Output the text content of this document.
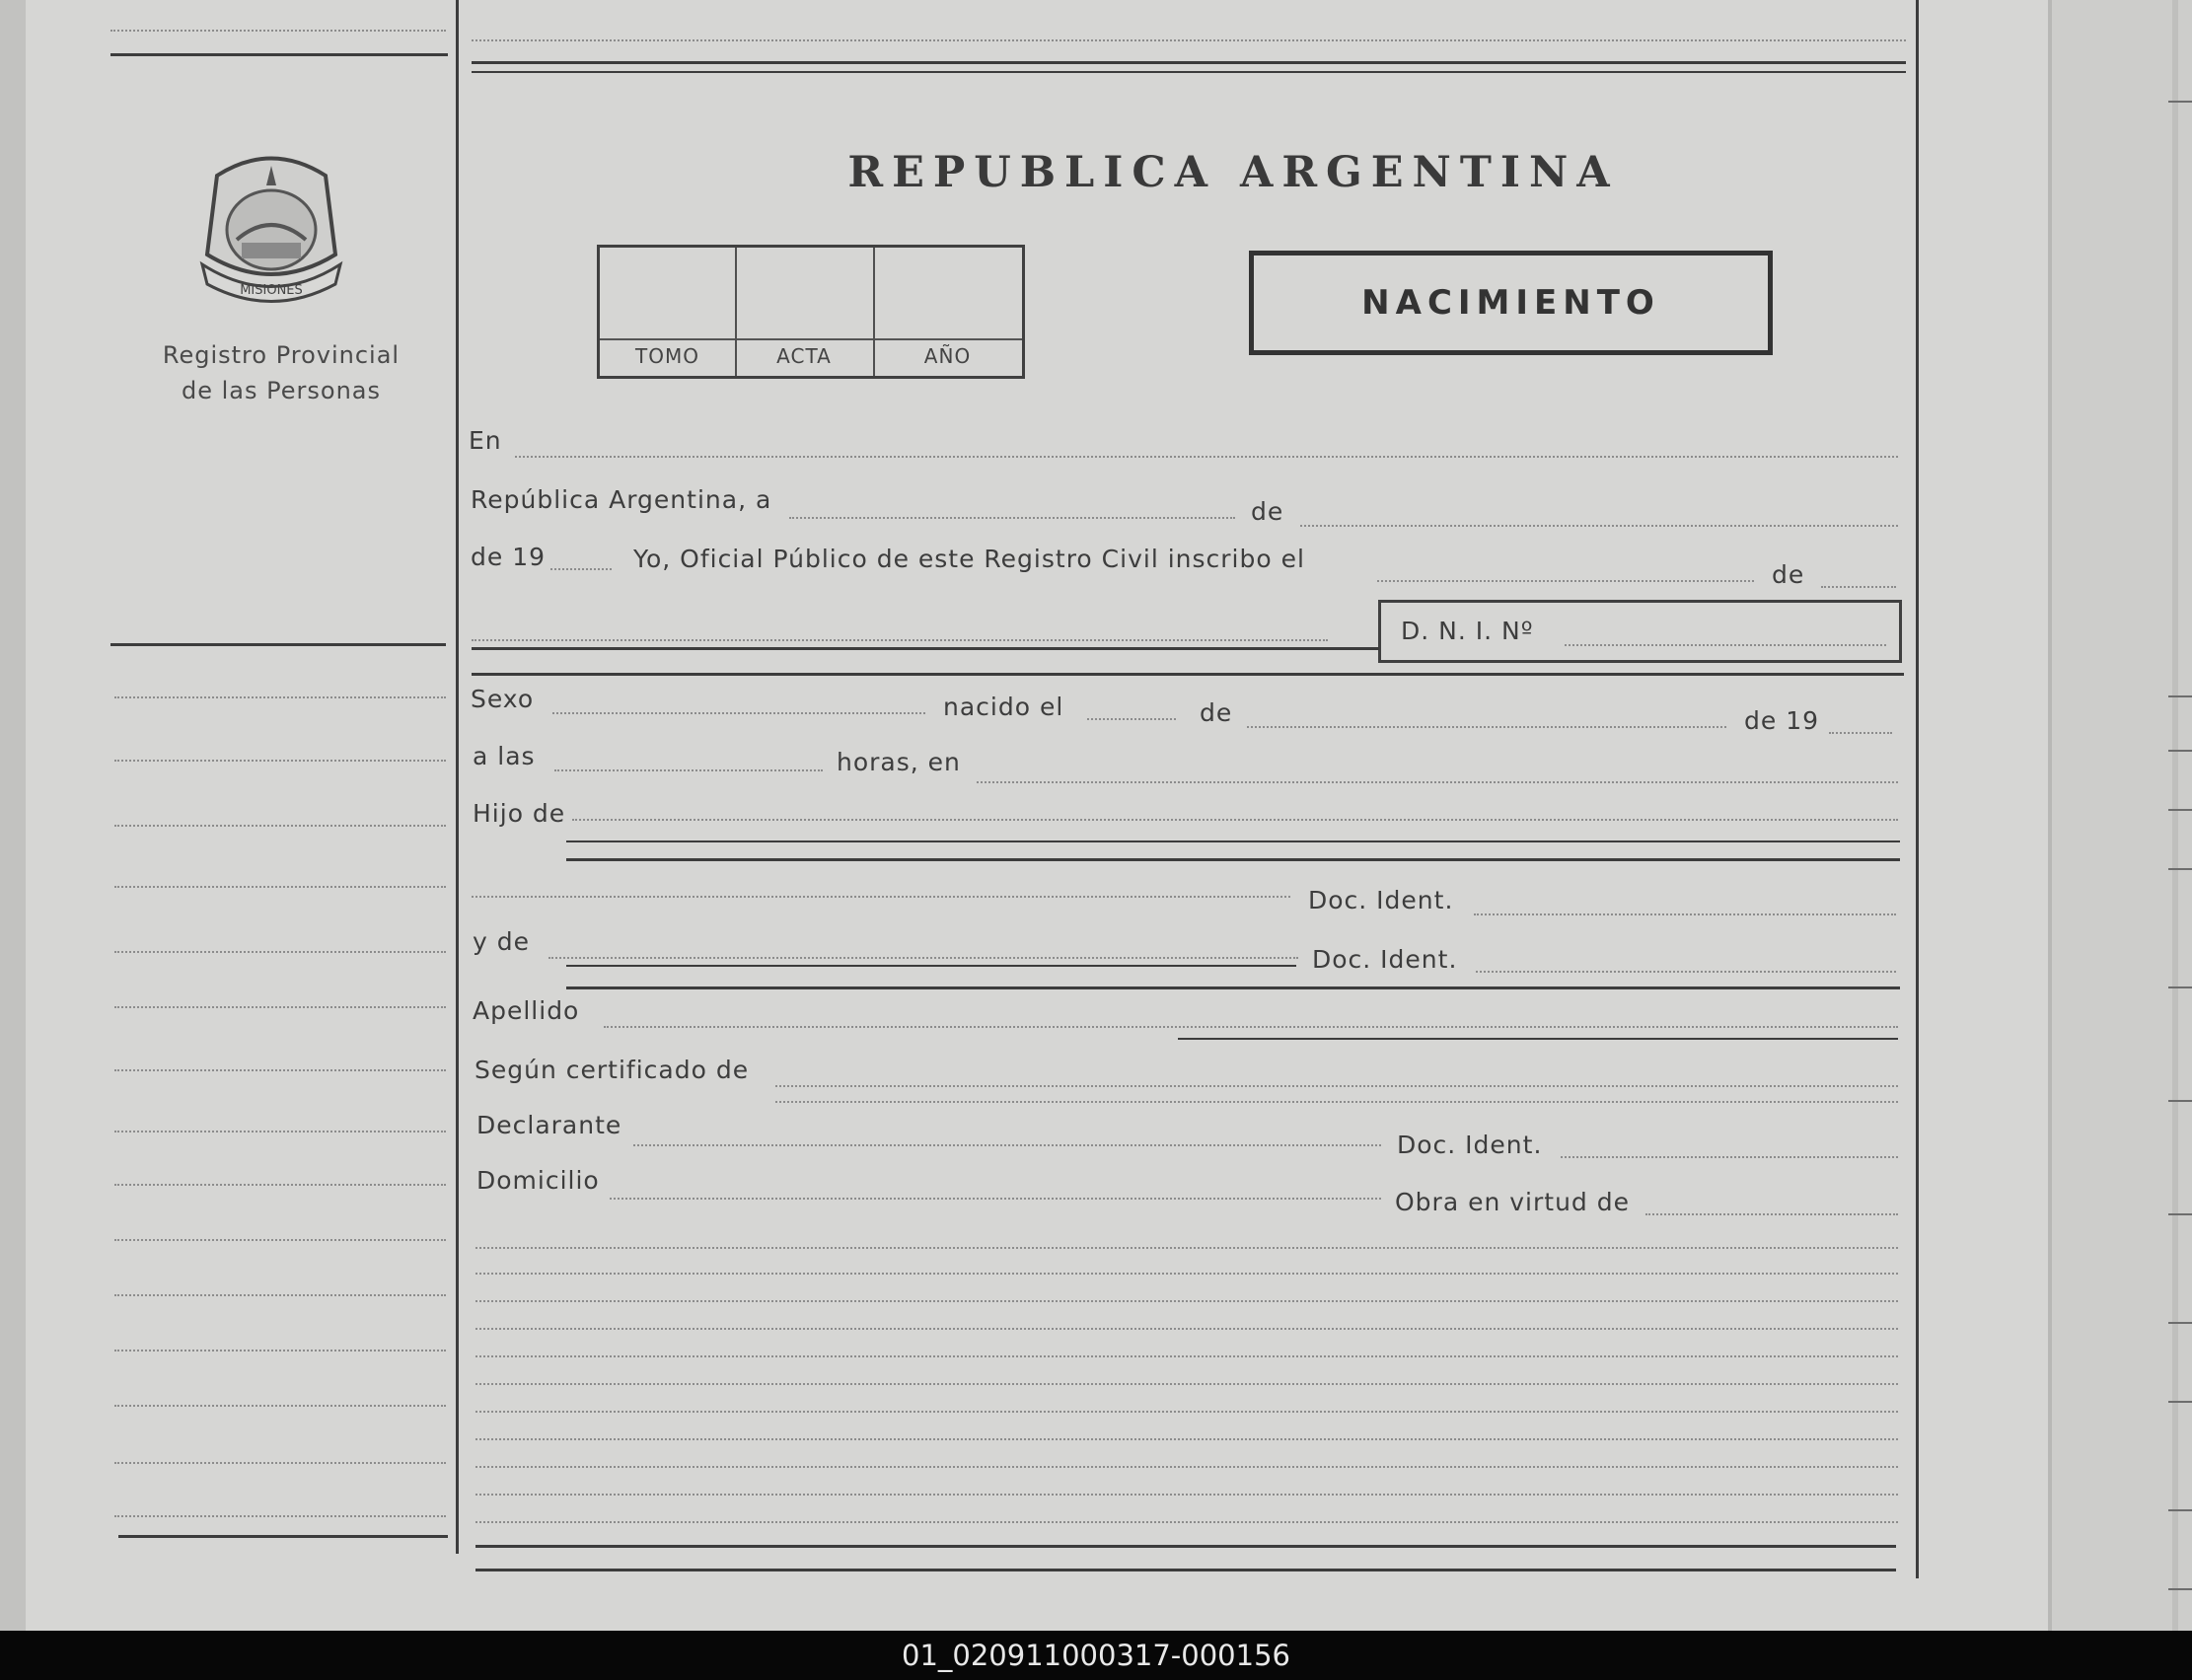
MISIONES
Registro Provincial
de las Personas
REPUBLICA ARGENTINA
TOMO	ACTA	AÑO
NACIMIENTO
En
República Argentina, a	de
de 19	Yo, Oficial Público de este Registro Civil inscribo el
de
D. N. I. Nº
Sexo	nacido el	de	de 19
a las	horas, en
Hijo de
Doc. Ident.
y de
Doc. Ident.
Apellido
Según certificado de
Declarante
Doc. Ident.
Domicilio
Obra en virtud de
01_020911000317-000156
